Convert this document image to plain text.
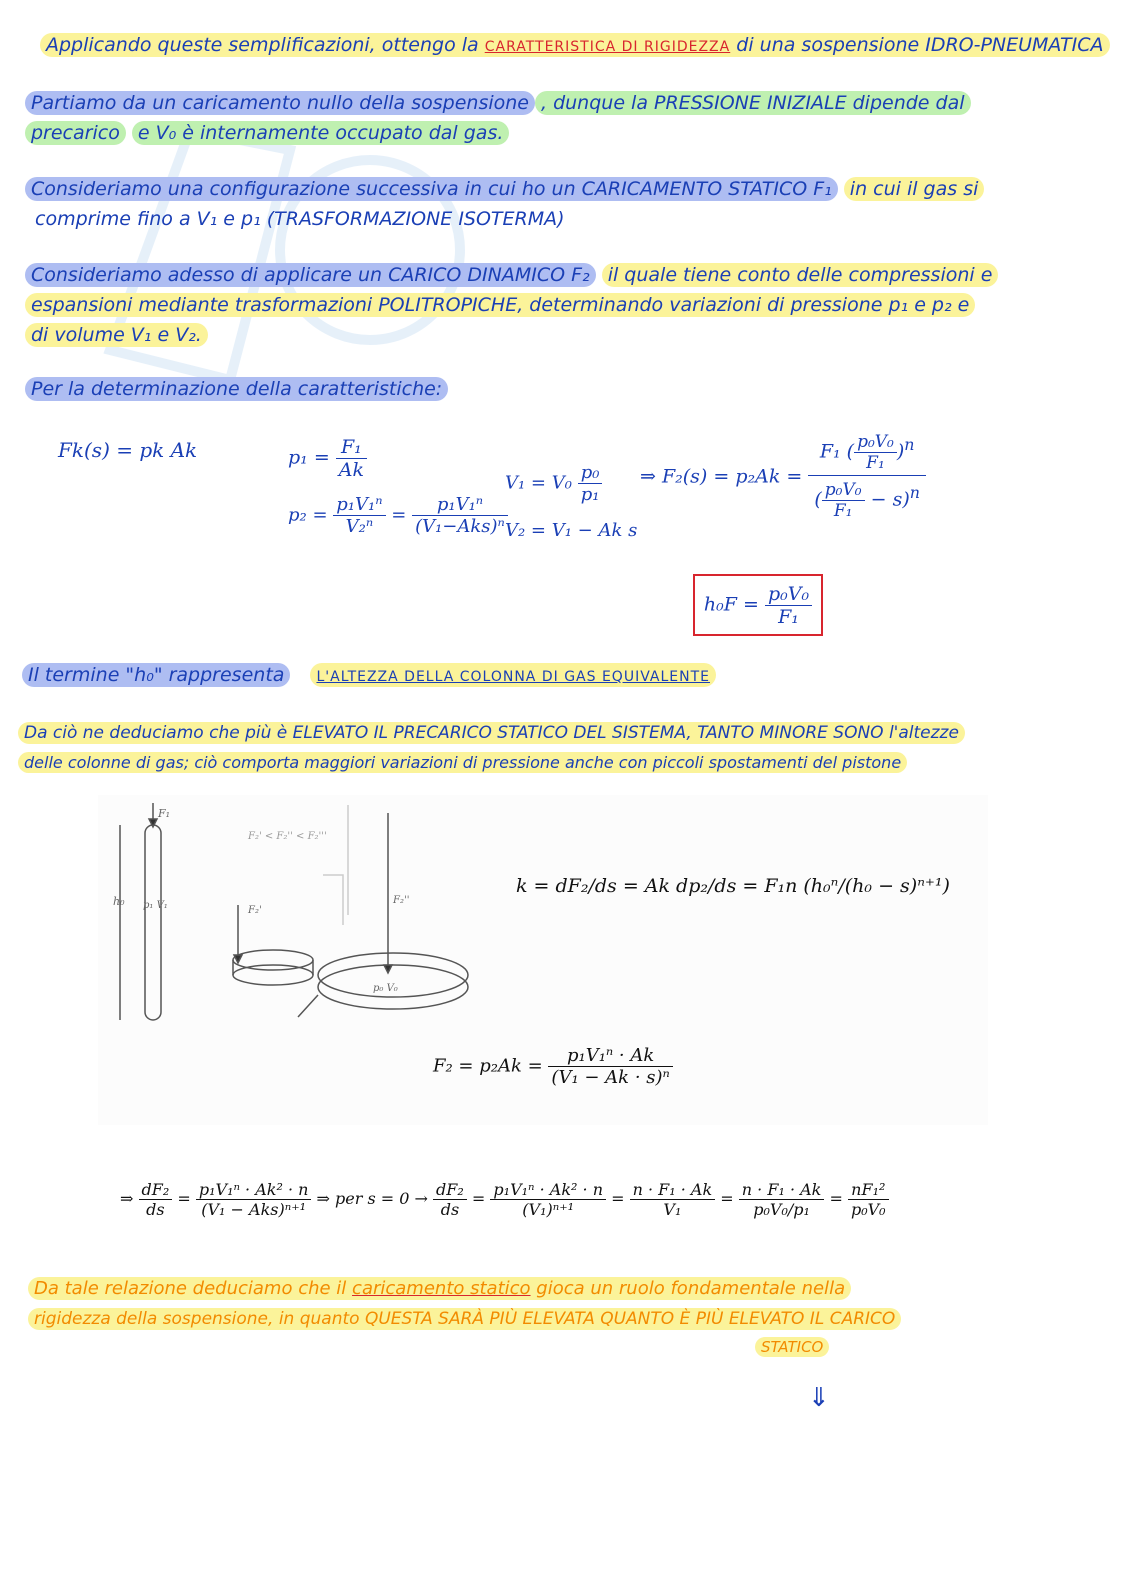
Applicando queste semplificazioni, ottengo la CARATTERISTICA DI RIGIDEZZA di una sospensione IDRO-PNEUMATICA
Partiamo da un caricamento nullo della sospensione , dunque la PRESSIONE INIZIALE dipende dal
precarico e V₀ è internamente occupato dal gas.
Consideriamo una configurazione successiva in cui ho un CARICAMENTO STATICO F₁ in cui il gas si
comprime fino a V₁ e p₁ (TRASFORMAZIONE ISOTERMA)
Consideriamo adesso di applicare un CARICO DINAMICO F₂ il quale tiene conto delle compressioni e
espansioni mediante trasformazioni POLITROPICHE, determinando variazioni di pressione p₁ e p₂ e
di volume V₁ e V₂.
Per la determinazione della caratteristiche:
Fk(s) = pk Ak	$p_1 = \frac{\text{F₁}}{Ak}$
$p_2 = \frac{\text{p₁V₁ⁿ}}{\text{V₂ⁿ}} = \frac{\text{p₁V₁ⁿ}}{\text{(V₁−Aks)ⁿ}}$
$V_1 = V_0 \frac{\text{p₀}}{\text{p₁}}$
V₂ = V₁ − Ak s
⇒ $F_2(s) = p_2Ak = \frac{F_1 ( \frac{\text{p₀V₀}}{\text{F₁}} )^n}{( \frac{\text{p₀V₀}}{\text{F₁}} - s)^n}$
$h_0F = \frac{\text{p₀V₀}}{\text{F₁}}$
Il termine "h₀" rappresenta L'ALTEZZA DELLA COLONNA DI GAS EQUIVALENTE
Da ciò ne deduciamo che più è ELEVATO IL PRECARICO STATICO DEL SISTEMA, TANTO MINORE SONO l'altezze
delle colonne di gas; ciò comporta maggiori variazioni di pressione anche con piccoli spostamenti del pistone
F₁
h₀ p₁ V₁	F₂'
F₂''
p₀ V₀
F₂' < F₂'' < F₂'''
k = dF₂/ds = Ak dp₂/ds = F₁n (h₀ⁿ/(h₀ − s)ⁿ⁺¹)
$F_2 = p_2Ak = \frac{\text{p₁V₁ⁿ · Ak}}{\text{(V₁ − Ak · s)ⁿ}}$
⇒ $\frac{\text{dF₂}}{ds} = \frac{\text{p₁V₁ⁿ · Ak² · n}}{\text{(V₁ − Aks)ⁿ⁺¹}}$ ⇒ per $s = 0 \to \frac{\text{dF₂}}{ds} = \frac{\text{p₁V₁ⁿ · Ak² · n}}{\text{(V₁)ⁿ⁺¹}} = \frac{\text{n · F₁ · Ak}}{\text{V₁}} = \frac{\text{n · F₁ · Ak}}{\text{p₀V₀/p₁}} = \frac{\text{nF₁²}}{\text{p₀V₀}}$
Da tale relazione deduciamo che il caricamento statico gioca un ruolo fondamentale nella
rigidezza della sospensione, in quanto QUESTA SARÀ PIÙ ELEVATA QUANTO È PIÙ ELEVATO IL CARICO
STATICO
⇓
